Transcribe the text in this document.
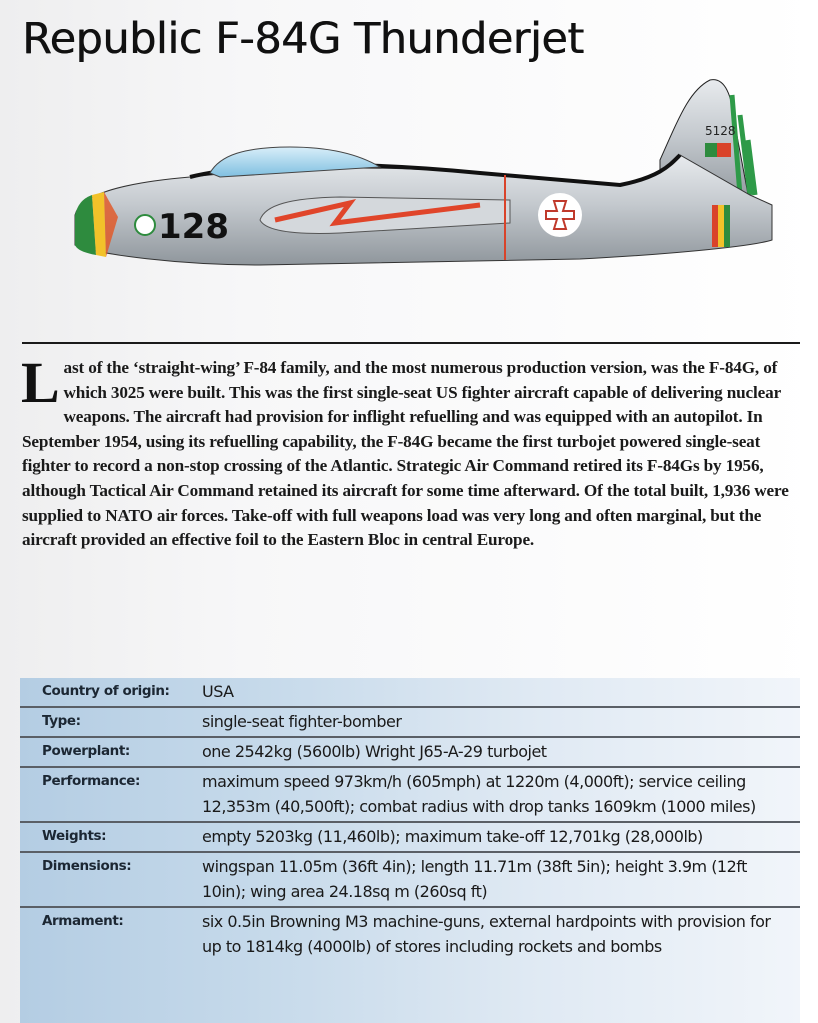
Republic F-84G Thunderjet
5128
128
Last of the ‘straight-wing’ F-84 family, and the most numerous production version, was the F-84G, of which 3025 were built. This was the first single-seat US fighter aircraft capable of delivering nuclear weapons. The aircraft had provision for inflight refuelling and was equipped with an autopilot. In September 1954, using its refuelling capability, the F-84G became the first turbojet powered single-seat fighter to record a non-stop crossing of the Atlantic. Strategic Air Command retired its F-84Gs by 1956, although Tactical Air Command retained its aircraft for some time afterward. Of the total built, 1,936 were supplied to NATO air forces. Take-off with full weapons load was very long and often marginal, but the aircraft provided an effective foil to the Eastern Bloc in central Europe.
Country of origin:	USA
Type:	single-seat fighter-bomber
Powerplant:	one 2542kg (5600lb) Wright J65-A-29 turbojet
Performance:	maximum speed 973km/h (605mph) at 1220m (4,000ft); service ceiling 12,353m (40,500ft); combat radius with drop tanks 1609km (1000 miles)
Weights:	empty 5203kg (11,460lb); maximum take-off 12,701kg (28,000lb)
Dimensions:	wingspan 11.05m (36ft 4in); length 11.71m (38ft 5in); height 3.9m (12ft 10in); wing area 24.18sq m (260sq ft)
Armament:	six 0.5in Browning M3 machine-guns, external hardpoints with provision for up to 1814kg (4000lb) of stores including rockets and bombs
